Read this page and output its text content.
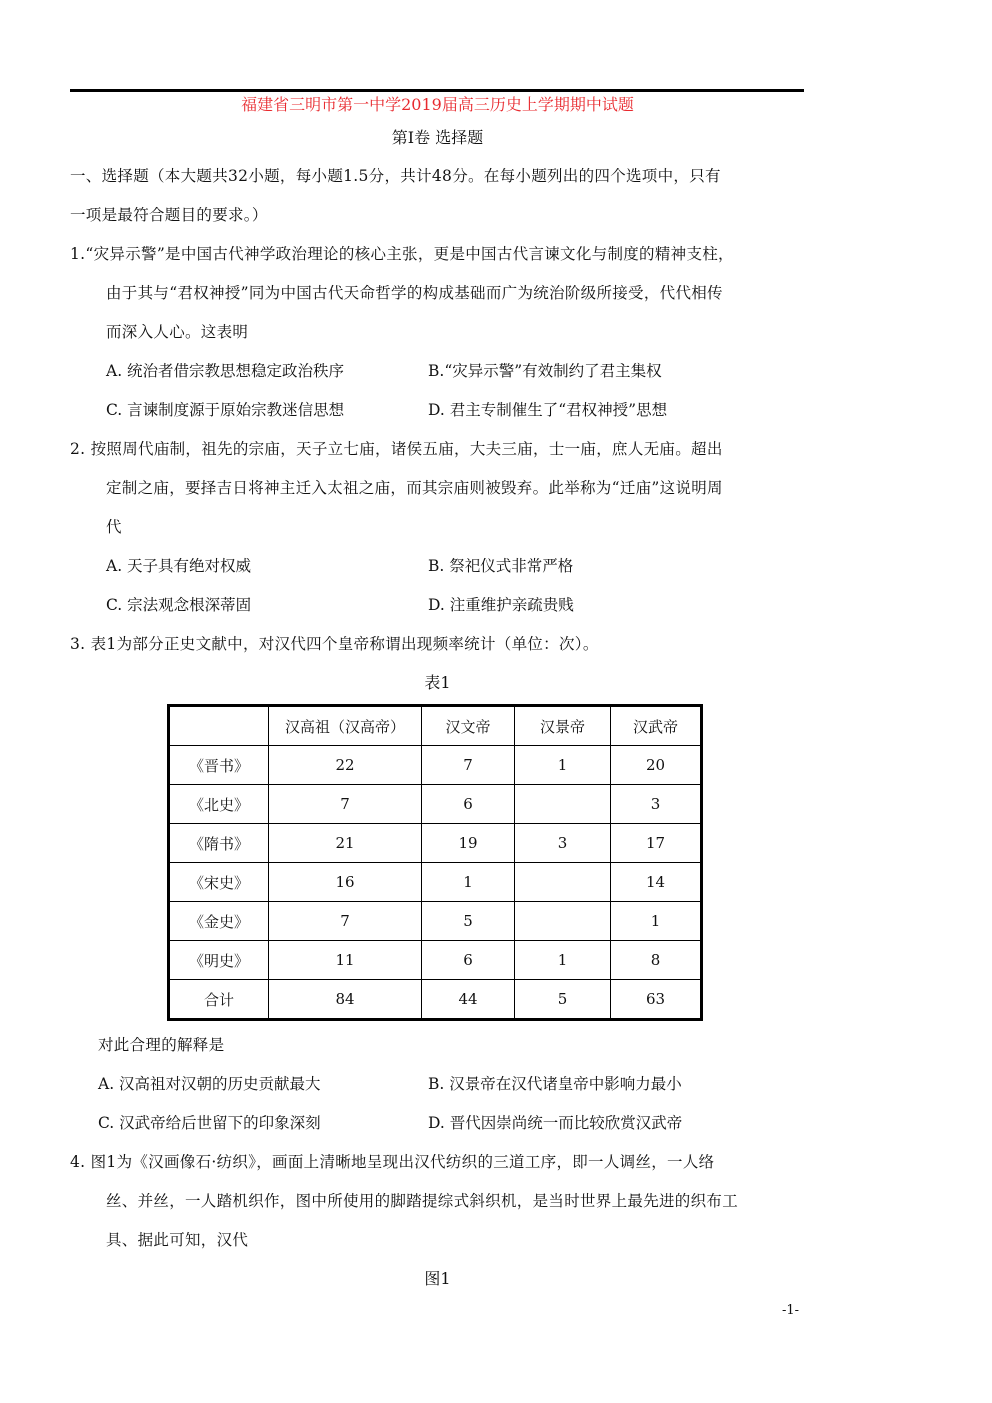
福建省三明市第一中学2019届高三历史上学期期中试题
第I卷 选择题
一、选择题（本大题共32小题，每小题1.5分，共计48分。在每小题列出的四个选项中，只有
一项是最符合题目的要求。）
1.“灾异示警”是中国古代神学政治理论的核心主张，更是中国古代言谏文化与制度的精神支柱，
由于其与“君权神授”同为中国古代天命哲学的构成基础而广为统治阶级所接受，代代相传
而深入人心。这表明
A. 统治者借宗教思想稳定政治秩序	B.“灾异示警”有效制约了君主集权
C. 言谏制度源于原始宗教迷信思想	D. 君主专制催生了“君权神授”思想
2. 按照周代庙制，祖先的宗庙，天子立七庙，诸侯五庙，大夫三庙，士一庙，庶人无庙。超出
定制之庙，要择吉日将神主迁入太祖之庙，而其宗庙则被毁弃。此举称为“迁庙”这说明周
代
A. 天子具有绝对权威	B. 祭祀仪式非常严格
C. 宗法观念根深蒂固	D. 注重维护亲疏贵贱
3. 表1为部分正史文献中，对汉代四个皇帝称谓出现频率统计（单位：次）。
表1
	汉高祖（汉高帝）	汉文帝	汉景帝	汉武帝
《晋书》	22	7	1	20
《北史》	7	6		3
《隋书》	21	19	3	17
《宋史》	16	1		14
《金史》	7	5		1
《明史》	11	6	1	8
合计	84	44	5	63
对此合理的解释是
A. 汉高祖对汉朝的历史贡献最大	B. 汉景帝在汉代诸皇帝中影响力最小
C. 汉武帝给后世留下的印象深刻	D. 晋代因崇尚统一而比较欣赏汉武帝
4. 图1为《汉画像石·纺织》，画面上清晰地呈现出汉代纺织的三道工序，即一人调丝，一人络
丝、并丝，一人踏机织作，图中所使用的脚踏提综式斜织机，是当时世界上最先进的织布工
具、据此可知，汉代
图1
-1-
